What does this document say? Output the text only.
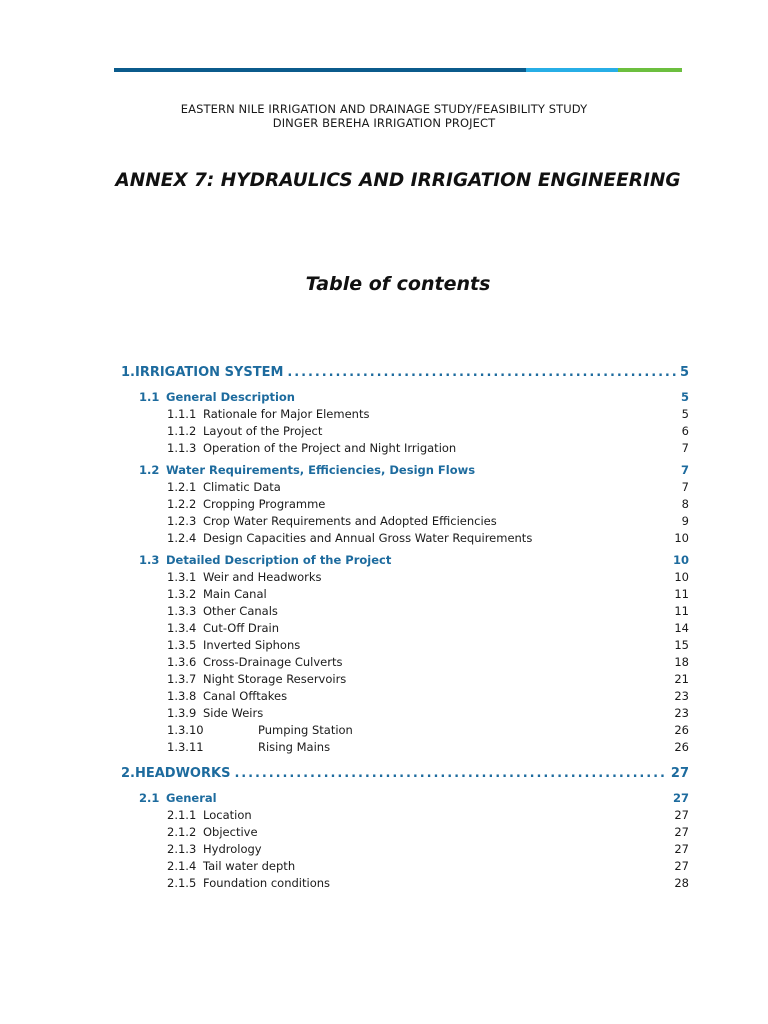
EASTERN NILE IRRIGATION AND DRAINAGE STUDY/FEASIBILITY STUDY
DINGER BEREHA IRRIGATION PROJECT
ANNEX 7: HYDRAULICS AND IRRIGATION ENGINEERING
Table of contents
1. IRRIGATION SYSTEM . . .	5
1.1 General Description	5
1.1.1 Rationale for Major Elements	5
1.1.2 Layout of the Project	6
1.1.3 Operation of the Project and Night Irrigation	7
1.2 Water Requirements, Efficiencies, Design Flows	7
1.2.1 Climatic Data	7
1.2.2 Cropping Programme	8
1.2.3 Crop Water Requirements and Adopted Efficiencies	9
1.2.4 Design Capacities and Annual Gross Water Requirements	10
1.3 Detailed Description of the Project	10
1.3.1 Weir and Headworks	10
1.3.2 Main Canal	11
1.3.3 Other Canals	11
1.3.4 Cut-Off Drain	14
1.3.5 Inverted Siphons	15
1.3.6 Cross-Drainage Culverts	18
1.3.7 Night Storage Reservoirs	21
1.3.8 Canal Offtakes	23
1.3.9 Side Weirs	23
1.3.10	Pumping Station	26
1.3.11	Rising Mains	26
2. HEADWORKS . . .	27
2.1 General	27
2.1.1 Location	27
2.1.2 Objective	27
2.1.3 Hydrology	27
2.1.4 Tail water depth	27
2.1.5 Foundation conditions	28
